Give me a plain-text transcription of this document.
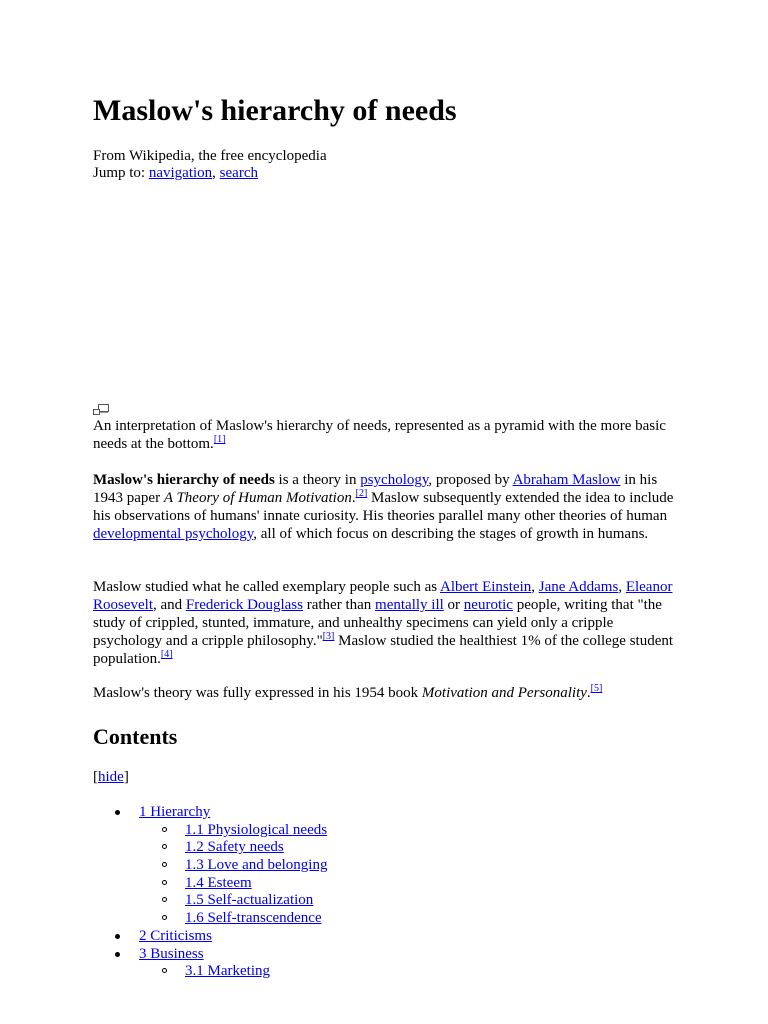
Maslow's hierarchy of needs
From Wikipedia, the free encyclopedia
Jump to: navigation, search

An interpretation of Maslow's hierarchy of needs, represented as a pyramid with the more basic needs at the bottom.[1]

Maslow's hierarchy of needs is a theory in psychology, proposed by Abraham Maslow in his 1943 paper A Theory of Human Motivation.[2] Maslow subsequently extended the idea to include his observations of humans' innate curiosity. His theories parallel many other theories of human developmental psychology, all of which focus on describing the stages of growth in humans.

Maslow studied what he called exemplary people such as Albert Einstein, Jane Addams, Eleanor Roosevelt, and Frederick Douglass rather than mentally ill or neurotic people, writing that "the study of crippled, stunted, immature, and unhealthy specimens can yield only a cripple psychology and a cripple philosophy."[3] Maslow studied the healthiest 1% of the college student population.[4]

Maslow's theory was fully expressed in his 1954 book Motivation and Personality.[5]

Contents
[hide]
1 Hierarchy
1.1 Physiological needs
1.2 Safety needs
1.3 Love and belonging
1.4 Esteem
1.5 Self-actualization
1.6 Self-transcendence
2 Criticisms
3 Business
3.1 Marketing
